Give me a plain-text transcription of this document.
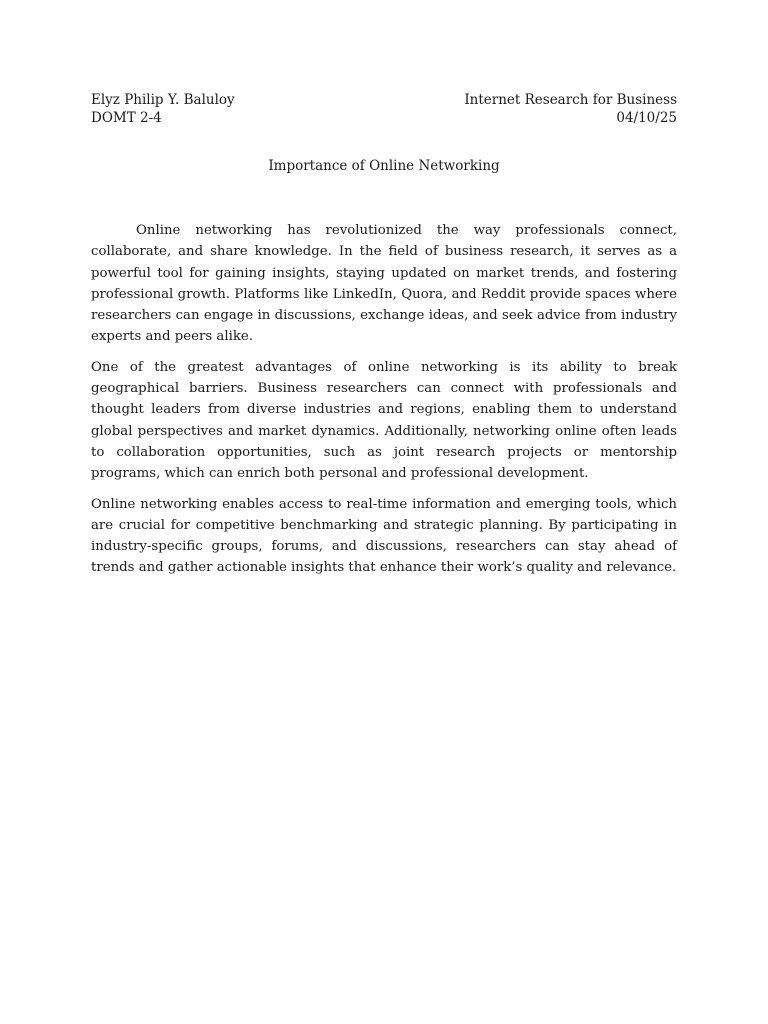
Elyz Philip Y. Baluloy	Internet Research for Business
DOMT 2-4	04/10/25
Importance of Online Networking

Online networking has revolutionized the way professionals connect, collaborate, and share knowledge. In the field of business research, it serves as a powerful tool for gaining insights, staying updated on market trends, and fostering professional growth. Platforms like LinkedIn, Quora, and Reddit provide spaces where researchers can engage in discussions, exchange ideas, and seek advice from industry experts and peers alike.

One of the greatest advantages of online networking is its ability to break geographical barriers. Business researchers can connect with professionals and thought leaders from diverse industries and regions, enabling them to understand global perspectives and market dynamics. Additionally, networking online often leads to collaboration opportunities, such as joint research projects or mentorship programs, which can enrich both personal and professional development.

Online networking enables access to real-time information and emerging tools, which are crucial for competitive benchmarking and strategic planning. By participating in industry-specific groups, forums, and discussions, researchers can stay ahead of trends and gather actionable insights that enhance their work’s quality and relevance.
